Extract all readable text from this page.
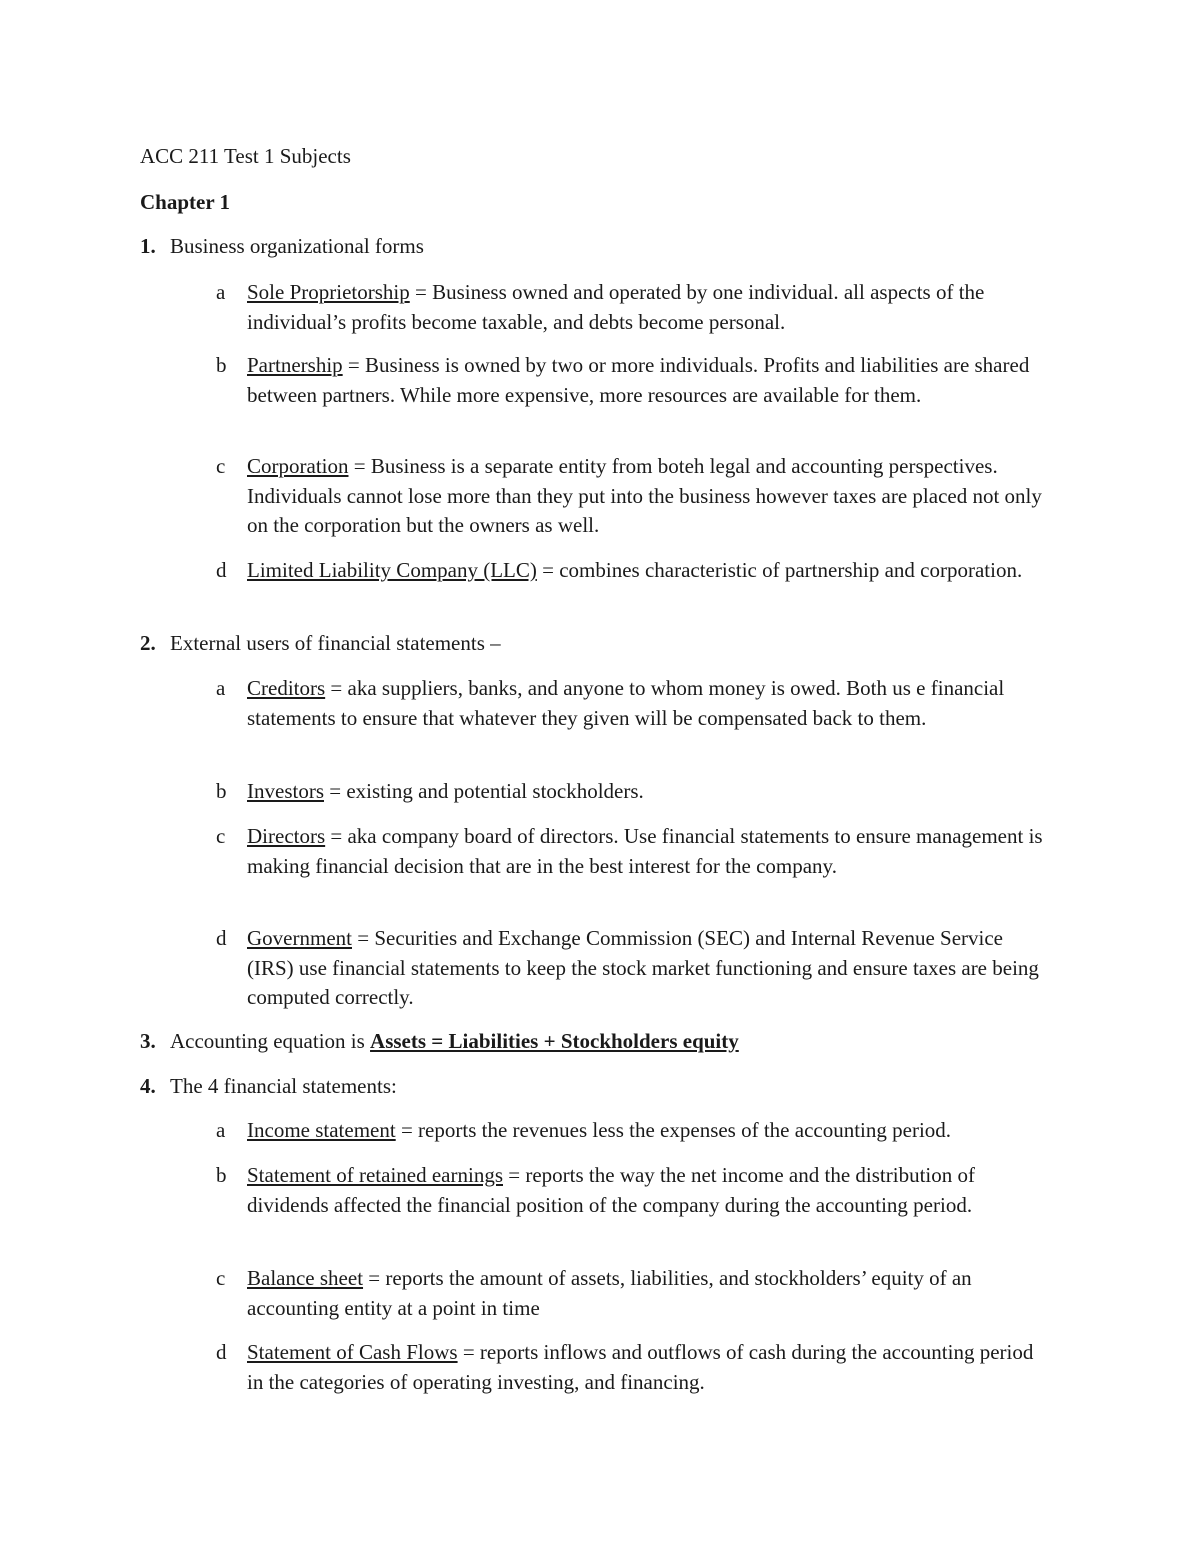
ACC 211 Test 1 Subjects
Chapter 1
1. Business organizational forms
a Sole Proprietorship = Business owned and operated by one individual. all aspects of the individual’s profits become taxable, and debts become personal.
b Partnership = Business is owned by two or more individuals. Profits and liabilities are shared between partners. While more expensive, more resources are available for them.
c Corporation = Business is a separate entity from boteh legal and accounting perspectives. Individuals cannot lose more than they put into the business however taxes are placed not only on the corporation but the owners as well.
d Limited Liability Company (LLC) = combines characteristic of partnership and corporation.
2. External users of financial statements –
a Creditors = aka suppliers, banks, and anyone to whom money is owed. Both us e financial statements to ensure that whatever they given will be compensated back to them.
b Investors = existing and potential stockholders.
c Directors = aka company board of directors. Use financial statements to ensure management is making financial decision that are in the best interest for the company.
d Government = Securities and Exchange Commission (SEC) and Internal Revenue Service (IRS) use financial statements to keep the stock market functioning and ensure taxes are being computed correctly.
3. Accounting equation is Assets = Liabilities + Stockholders equity
4. The 4 financial statements:
a Income statement = reports the revenues less the expenses of the accounting period.
b Statement of retained earnings = reports the way the net income and the distribution of dividends affected the financial position of the company during the accounting period.
c Balance sheet = reports the amount of assets, liabilities, and stockholders’ equity of an accounting entity at a point in time
d Statement of Cash Flows = reports inflows and outflows of cash during the accounting period in the categories of operating investing, and financing.
